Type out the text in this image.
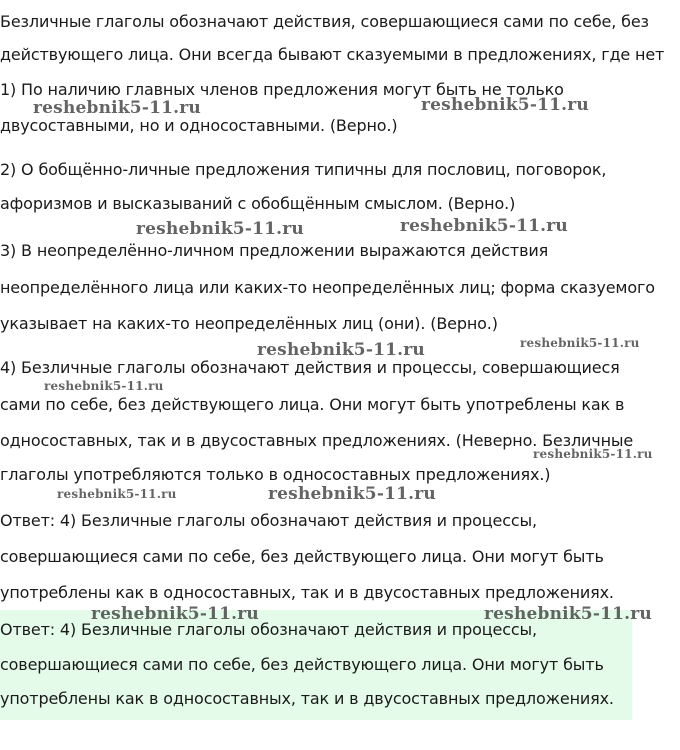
Безличные глаголы обозначают действия, совершающиеся сами по себе, без
действующего лица. Они всегда бывают сказуемыми в предложениях, где нет
1) По наличию главных членов предложения могут быть не только
двусоставными, но и односоставными. (Верно.)
2) О бобщённо-личные предложения типичны для пословиц, поговорок,
афоризмов и высказываний с обобщённым смыслом. (Верно.)
3) В неопределённо-личном предложении выражаются действия
неопределённого лица или каких-то неопределённых лиц; форма сказуемого
указывает на каких-то неопределённых лиц (они). (Верно.)
4) Безличные глаголы обозначают действия и процессы, совершающиеся
сами по себе, без действующего лица. Они могут быть употреблены как в
односоставных, так и в двусоставных предложениях. (Неверно. Безличные
глаголы употребляются только в односоставных предложениях.)
Ответ: 4) Безличные глаголы обозначают действия и процессы,
совершающиеся сами по себе, без действующего лица. Они могут быть
употреблены как в односоставных, так и в двусоставных предложениях.
Ответ: 4) Безличные глаголы обозначают действия и процессы,
совершающиеся сами по себе, без действующего лица. Они могут быть
употреблены как в односоставных, так и в двусоставных предложениях.
reshebnik5-11.ru	reshebnik5-11.ru
reshebnik5-11.ru	reshebnik5-11.ru
reshebnik5-11.ru	reshebnik5-11.ru
reshebnik5-11.ru
reshebnik5-11.ru
reshebnik5-11.ru	reshebnik5-11.ru
reshebnik5-11.ru	reshebnik5-11.ru
